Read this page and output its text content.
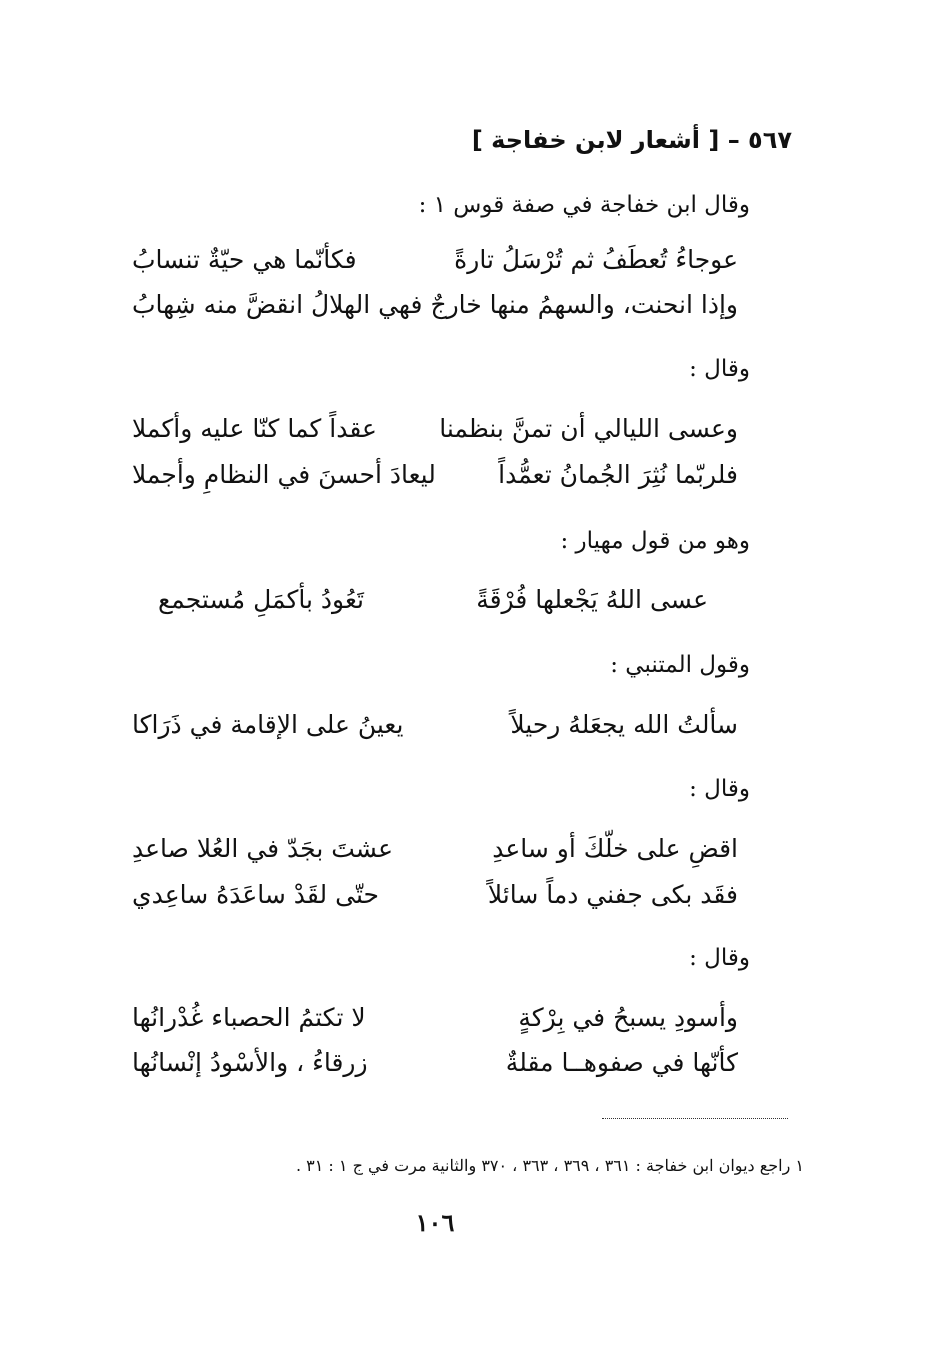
٥٦٧ – [ أشعار لابن خفاجة ]
وقال ابن خفاجة في صفة قوس ١ :
عوجاءُ تُعطَفُ ثم تُرْسَلُ تارةً
فكأنّما هي حيّةٌ تنسابُ
وإذا انحنت، والسهمُ منها خارجٌ
فهي الهلالُ انقضَّ منه شِهابُ
وقال :
وعسى الليالي أن تمنَّ بنظمنا
عقداً كما كنّا عليه وأكملا
فلربّما نُثِرَ الجُمانُ تعمُّداً
ليعادَ أحسنَ في النظامِ وأجملا
وهو من قول مهيار :
عسى اللهُ يَجْعلها فُرْقَةً
تَعُودُ بأكمَلِ مُستجمع
وقول المتنبي :
سألتُ الله يجعَلهُ رحيلاً
يعينُ على الإقامة في ذَرَاكا
وقال :
اقضِ على خلّكَ أو ساعدِ
عشتَ بجَدّ في العُلا صاعدِ
فقَد بكى جفني دماً سائلاً
حتّى لقَدْ ساعَدَهُ ساعِدي
وقال :
وأسودِ يسبحُ في بِرْكةٍ
لا تكتمُ الحصباء غُدْرانُها
كأنّها في صفوهــا مقلةٌ
زرقاءُ ، والأسْودُ إنْسانُها
١ راجع ديوان ابن خفاجة : ٣٦١ ، ٣٦٩ ، ٣٦٣ ، ٣٧٠ والثانية مرت في ج ١ : ٣١ .
١٠٦
